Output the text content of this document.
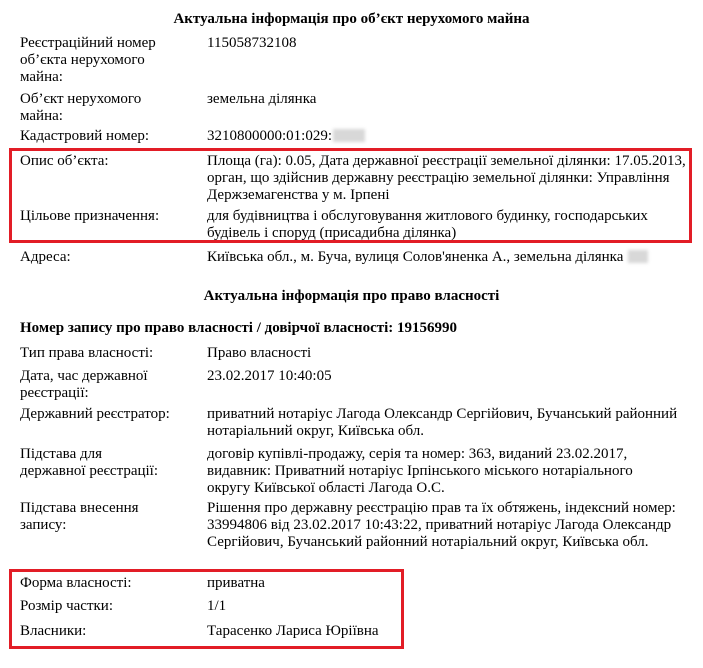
Актуальна інформація про об’єкт нерухомого майна
Реєстраційний номер об’єкта нерухомого майна:
115058732108
Об’єкт нерухомого майна:
земельна ділянка
Кадастровий номер:	3210800000:01:029:
Опис об’єкта:	Площа (га): 0.05, Дата державної реєстрації земельної ділянки: 17.05.2013, орган, що здійснив державну реєстрацію земельної ділянки: Управління Держземагенства у м. Ірпені
Цільове призначення:	для будівництва і обслуговування житлового будинку, господарських будівель і споруд (присадибна ділянка)
Адреса:	Київська обл., м. Буча, вулиця Солов'яненка А., земельна ділянка
Актуальна інформація про право власності
Номер запису про право власності / довірчої власності: 19156990
Тип права власності:	Право власності
Дата, час державної реєстрації:
23.02.2017 10:40:05
Державний реєстратор:	приватний нотаріус Лагода Олександр Сергійович, Бучанський районний нотаріальний округ, Київська обл.
Підстава для державної реєстрації:
договір купівлі-продажу, серія та номер: 363, виданий 23.02.2017, видавник: Приватний нотаріус Ірпінського міського нотаріального округу Київської області Лагода О.С.
Підстава внесення запису:
Рішення про державну реєстрацію прав та їх обтяжень, індексний номер: 33994806 від 23.02.2017 10:43:22, приватний нотаріус Лагода Олександр Сергійович, Бучанський районний нотаріальний округ, Київська обл.
Форма власності:	приватна
Розмір частки:	1/1
Власники:	Тарасенко Лариса Юріївна
